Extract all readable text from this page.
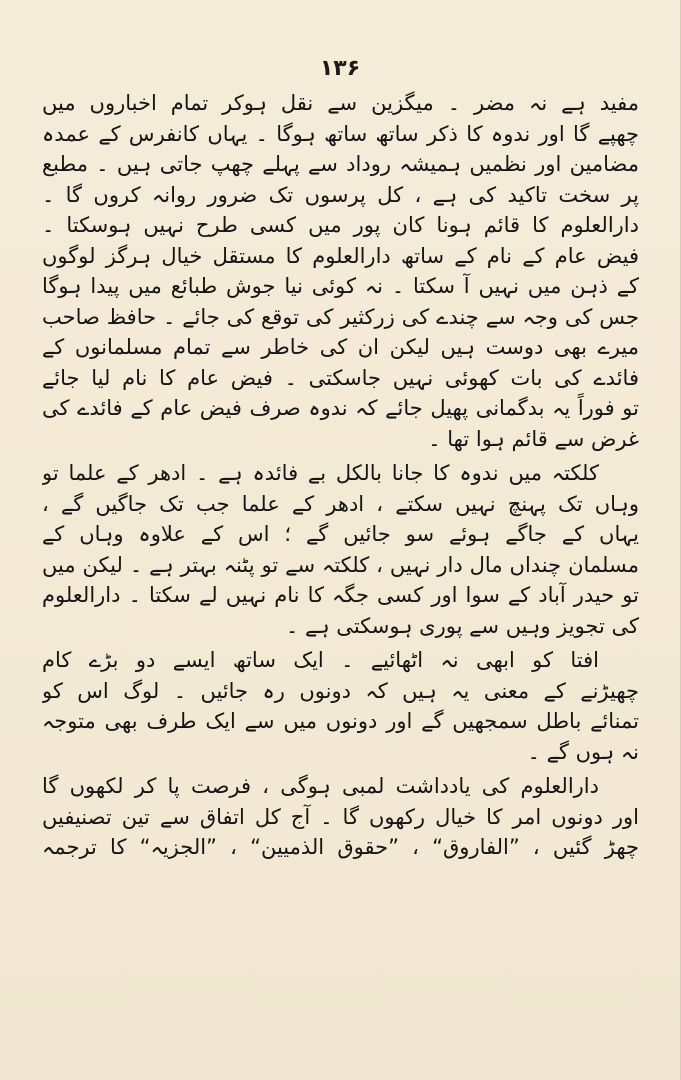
۱۳۶
مفید ہے نہ مضر ۔ میگزین سے نقل ہوکر تمام اخباروں میں
چھپے گا اور ندوہ کا ذکر ساتھ ساتھ ہوگا ۔ یہاں کانفرس کے عمدہ
مضامین اور نظمیں ہمیشہ روداد سے پہلے چھپ جاتی ہیں ۔ مطبع
پر سخت تاکید کی ہے ، کل پرسوں تک ضرور روانہ کروں گا ۔
دارالعلوم کا قائم ہونا کان پور میں کسی طرح نہیں ہوسکتا ۔
فیض عام کے نام کے ساتھ دارالعلوم کا مستقل خیال ہرگز لوگوں
کے ذہن میں نہیں آ سکتا ۔ نہ کوئی نیا جوش طبائع میں پیدا ہوگا
جس کی وجہ سے چندے کی زرکثیر کی توقع کی جائے ۔ حافظ صاحب
میرے بھی دوست ہیں لیکن ان کی خاطر سے تمام مسلمانوں کے
فائدے کی بات کھوئی نہیں جاسکتی ۔ فیض عام کا نام لیا جائے
تو فوراً یہ بدگمانی پھیل جائے کہ ندوہ صرف فیض عام کے فائدے کی
غرض سے قائم ہوا تھا ۔
کلکتہ میں ندوہ کا جانا بالکل بے فائدہ ہے ۔ ادھر کے علما تو
وہاں تک پہنچ نہیں سکتے ، ادھر کے علما جب تک جاگیں گے ،
یہاں کے جاگے ہوئے سو جائیں گے ؛ اس کے علاوہ وہاں کے
مسلمان چنداں مال دار نہیں ، کلکتہ سے تو پٹنہ بہتر ہے ۔ لیکن میں
تو حیدر آباد کے سوا اور کسی جگہ کا نام نہیں لے سکتا ۔ دارالعلوم
کی تجویز وہیں سے پوری ہوسکتی ہے ۔
افتا کو ابھی نہ اٹھائیے ۔ ایک ساتھ ایسے دو بڑے کام
چھیڑنے کے معنی یہ ہیں کہ دونوں رہ جائیں ۔ لوگ اس کو
تمنائے باطل سمجھیں گے اور دونوں میں سے ایک طرف بھی متوجہ
نہ ہوں گے ۔
دارالعلوم کی یادداشت لمبی ہوگی ، فرصت پا کر لکھوں گا
اور دونوں امر کا خیال رکھوں گا ۔ آج کل اتفاق سے تین تصنیفیں
چھڑ گئیں ، ”الفاروق“ ، ”حقوق الذمیین“ ، ”الجزیہ“ کا ترجمہ
